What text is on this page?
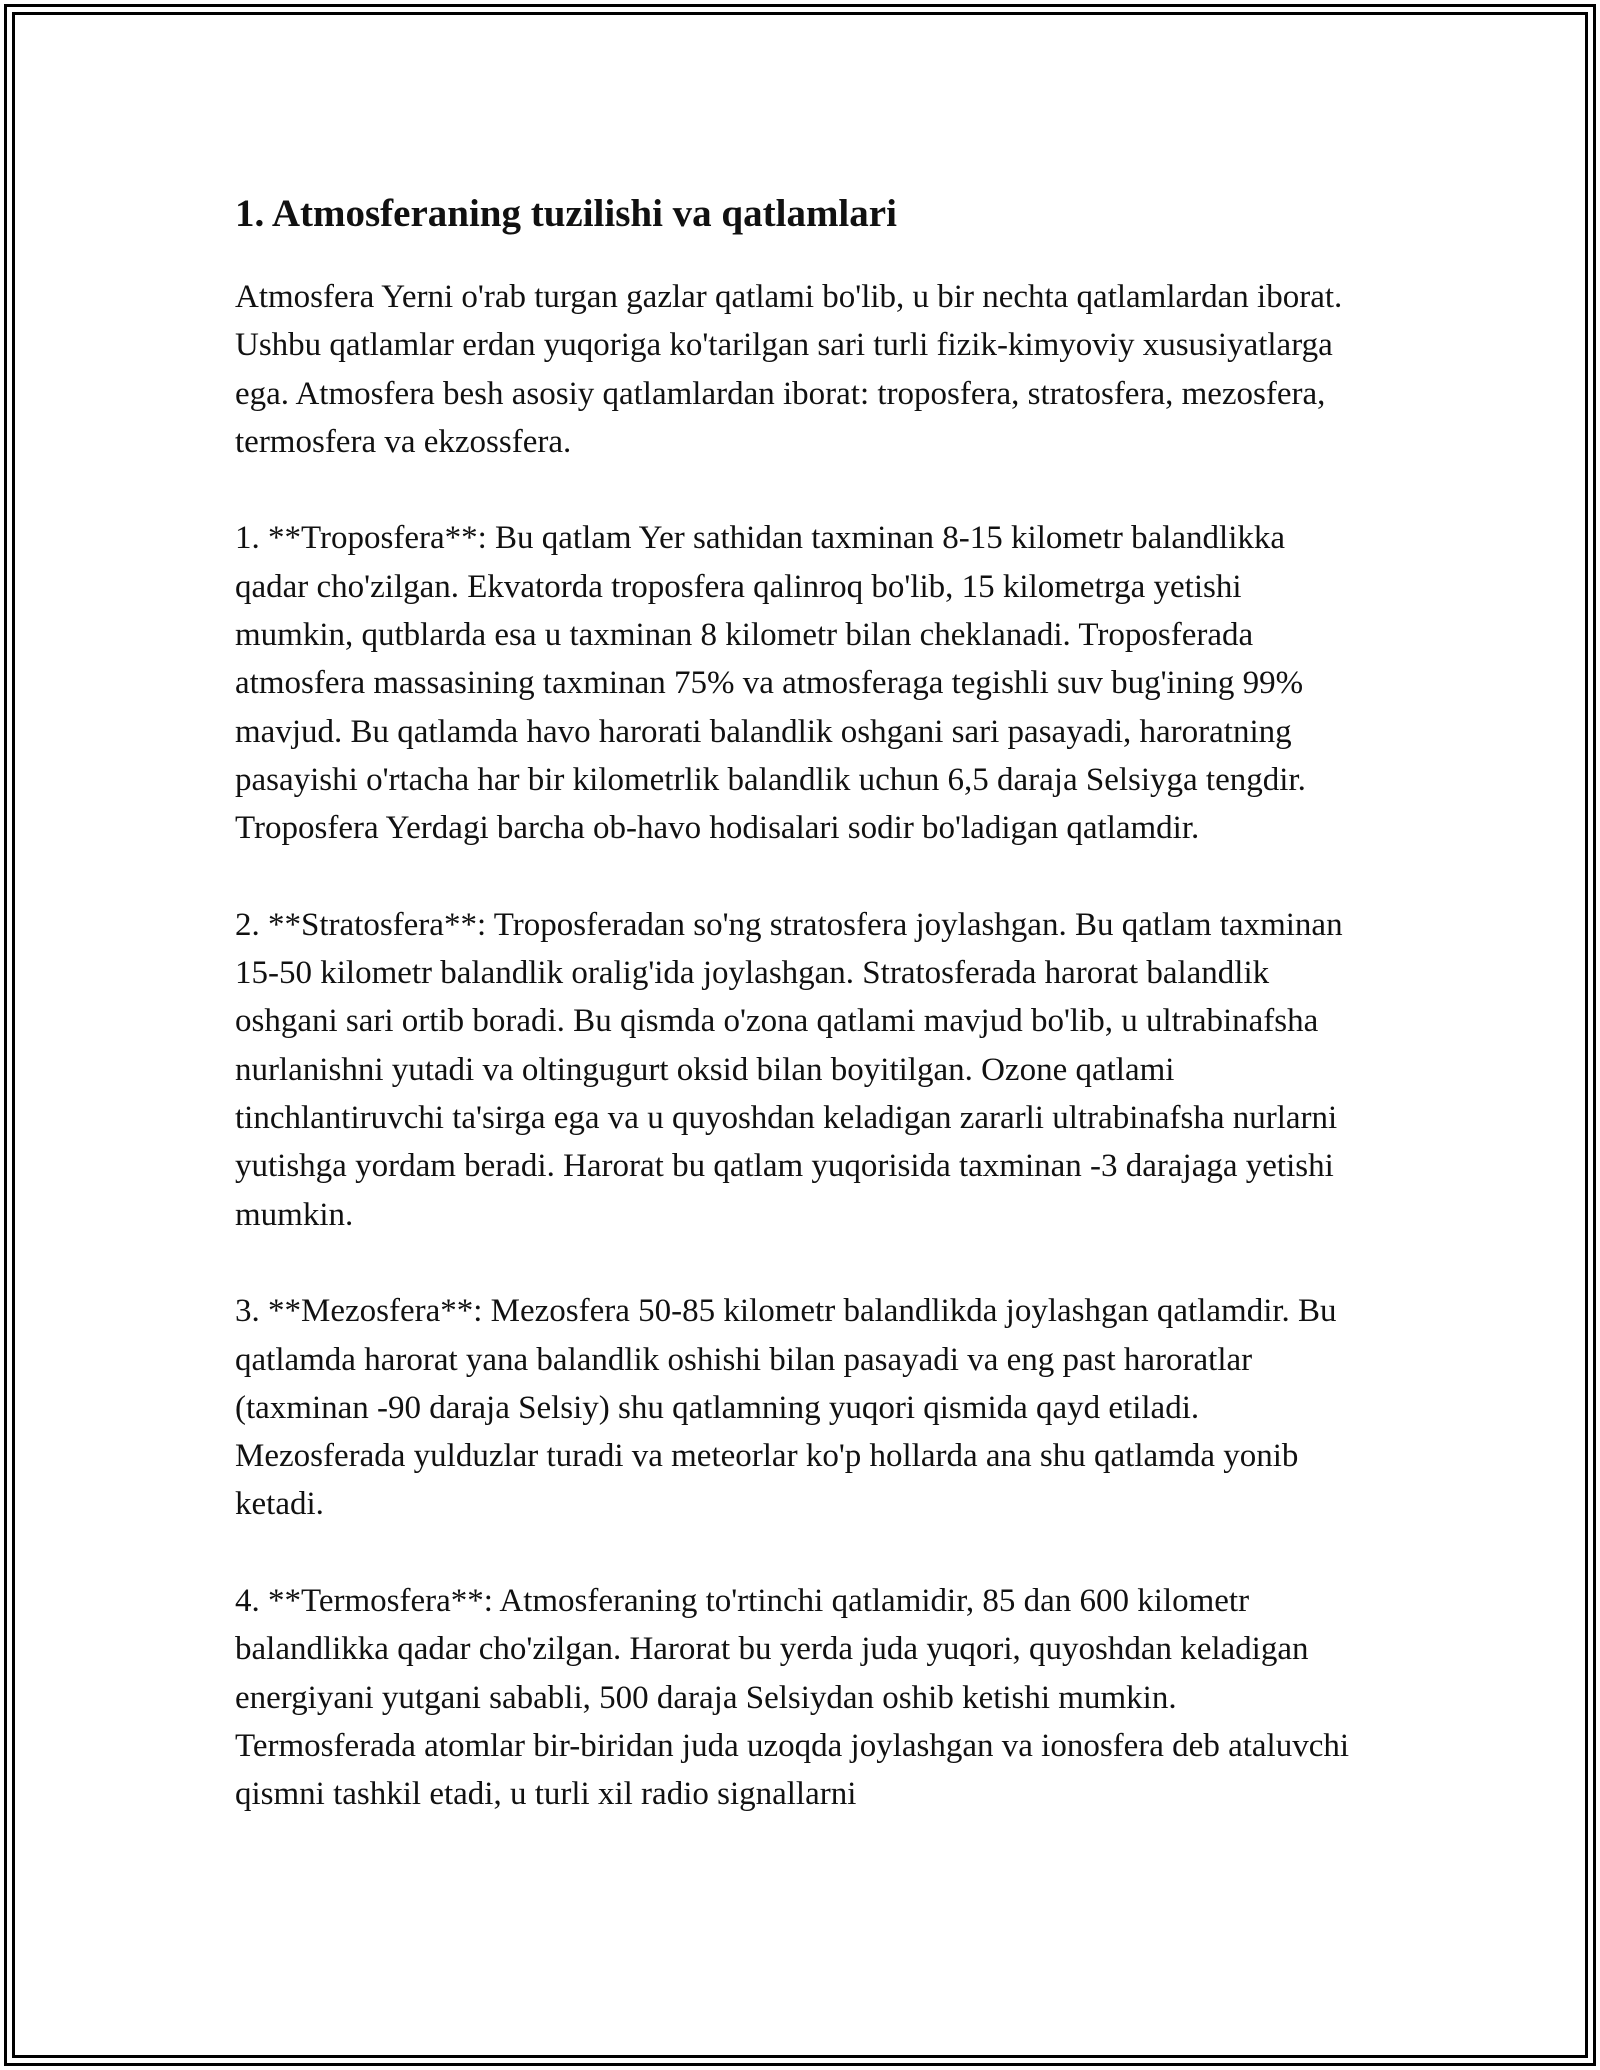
1. Atmosferaning tuzilishi va qatlamlari

Atmosfera Yerni o'rab turgan gazlar qatlami bo'lib, u bir nechta qatlamlardan iborat. Ushbu qatlamlar erdan yuqoriga ko'tarilgan sari turli fizik-kimyoviy xususiyatlarga ega. Atmosfera besh asosiy qatlamlardan iborat: troposfera, stratosfera, mezosfera, termosfera va ekzossfera.

1. **Troposfera**: Bu qatlam Yer sathidan taxminan 8-15 kilometr balandlikka qadar cho'zilgan. Ekvatorda troposfera qalinroq bo'lib, 15 kilometrga yetishi mumkin, qutblarda esa u taxminan 8 kilometr bilan cheklanadi. Troposferada atmosfera massasining taxminan 75% va atmosferaga tegishli suv bug'ining 99% mavjud. Bu qatlamda havo harorati balandlik oshgani sari pasayadi, haroratning pasayishi o'rtacha har bir kilometrlik balandlik uchun 6,5 daraja Selsiyga tengdir. Troposfera Yerdagi barcha ob-havo hodisalari sodir bo'ladigan qatlamdir.

2. **Stratosfera**: Troposferadan so'ng stratosfera joylashgan. Bu qatlam taxminan 15-50 kilometr balandlik oralig'ida joylashgan. Stratosferada harorat balandlik oshgani sari ortib boradi. Bu qismda o'zona qatlami mavjud bo'lib, u ultrabinafsha nurlanishni yutadi va oltingugurt oksid bilan boyitilgan. Ozone qatlami tinchlantiruvchi ta'sirga ega va u quyoshdan keladigan zararli ultrabinafsha nurlarni yutishga yordam beradi. Harorat bu qatlam yuqorisida taxminan -3 darajaga yetishi mumkin.

3. **Mezosfera**: Mezosfera 50-85 kilometr balandlikda joylashgan qatlamdir. Bu qatlamda harorat yana balandlik oshishi bilan pasayadi va eng past haroratlar (taxminan -90 daraja Selsiy) shu qatlamning yuqori qismida qayd etiladi. Mezosferada yulduzlar turadi va meteorlar ko'p hollarda ana shu qatlamda yonib ketadi.

4. **Termosfera**: Atmosferaning to'rtinchi qatlamidir, 85 dan 600 kilometr balandlikka qadar cho'zilgan. Harorat bu yerda juda yuqori, quyoshdan keladigan energiyani yutgani sababli, 500 daraja Selsiydan oshib ketishi mumkin. Termosferada atomlar bir-biridan juda uzoqda joylashgan va ionosfera deb ataluvchi qismni tashkil etadi, u turli xil radio signallarni
